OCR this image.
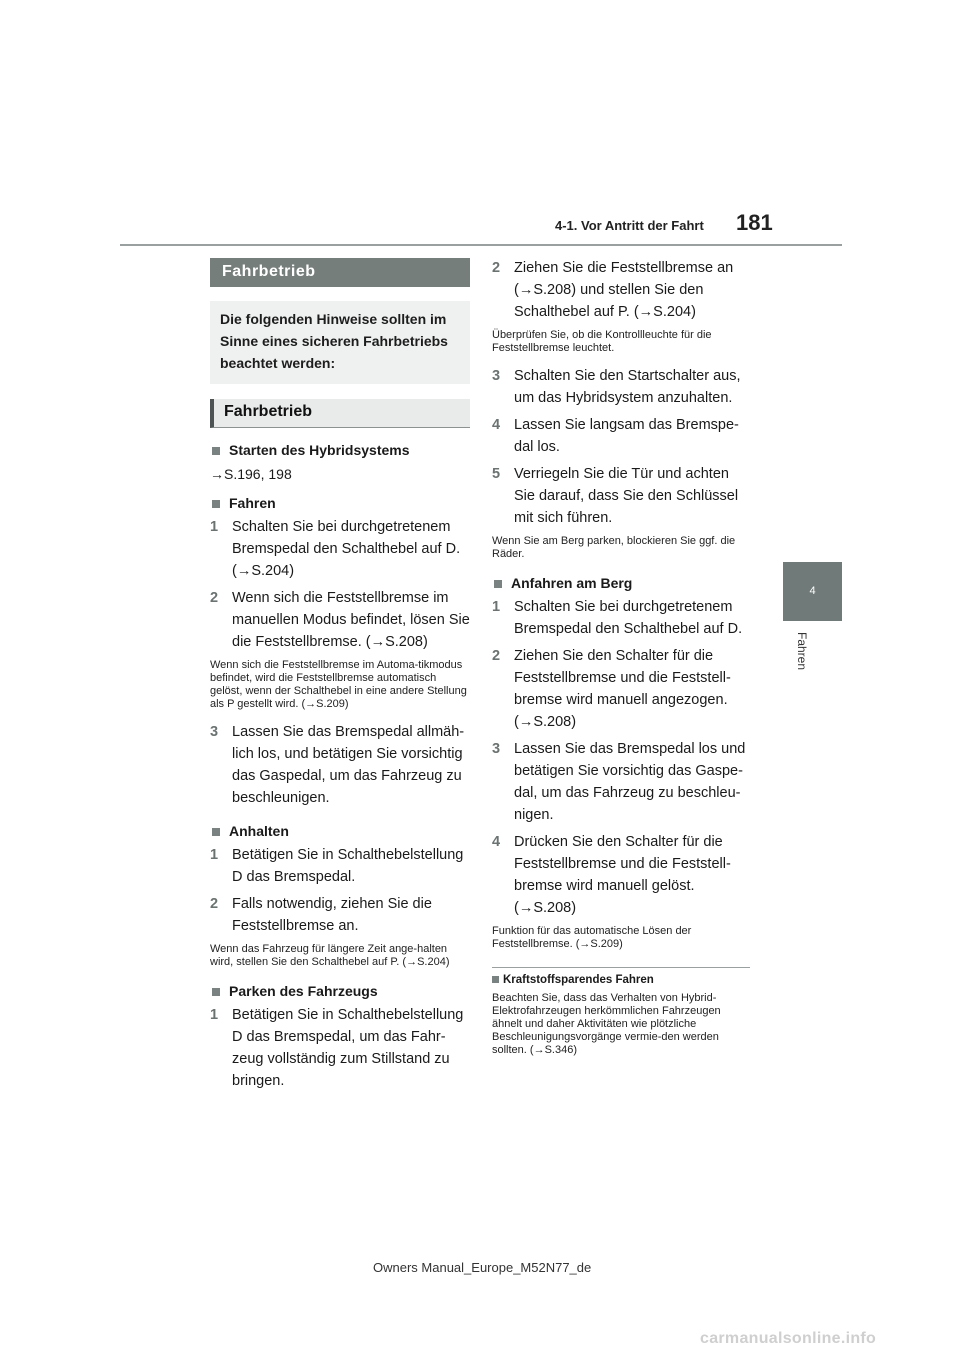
4-1. Vor Antritt der Fahrt 181
4
Fahren
Fahrbetrieb
Die folgenden Hinweise sollten im Sinne eines sicheren Fahrbetriebs beachtet werden:
Fahrbetrieb
Starten des Hybridsystems
→S.196, 198
Fahren
1 Schalten Sie bei durchgetretenem Bremspedal den Schalthebel auf D. (→S.204)
2 Wenn sich die Feststellbremse im manuellen Modus befindet, lösen Sie die Feststellbremse. (→S.208)
Wenn sich die Feststellbremse im Automa-tikmodus befindet, wird die Feststellbremse automatisch gelöst, wenn der Schalthebel in eine andere Stellung als P gestellt wird. (→S.209)
3 Lassen Sie das Bremspedal allmäh-lich los, und betätigen Sie vorsichtig das Gaspedal, um das Fahrzeug zu beschleunigen.
Anhalten
1 Betätigen Sie in Schalthebelstellung D das Bremspedal.
2 Falls notwendig, ziehen Sie die Feststellbremse an.
Wenn das Fahrzeug für längere Zeit ange-halten wird, stellen Sie den Schalthebel auf P. (→S.204)
Parken des Fahrzeugs
1 Betätigen Sie in Schalthebelstellung D das Bremspedal, um das Fahr-zeug vollständig zum Stillstand zu bringen.
2 Ziehen Sie die Feststellbremse an (→S.208) und stellen Sie den Schalthebel auf P. (→S.204)
Überprüfen Sie, ob die Kontrollleuchte für die Feststellbremse leuchtet.
3 Schalten Sie den Startschalter aus, um das Hybridsystem anzuhalten.
4 Lassen Sie langsam das Bremspe-dal los.
5 Verriegeln Sie die Tür und achten Sie darauf, dass Sie den Schlüssel mit sich führen.
Wenn Sie am Berg parken, blockieren Sie ggf. die Räder.
Anfahren am Berg
1 Schalten Sie bei durchgetretenem Bremspedal den Schalthebel auf D.
2 Ziehen Sie den Schalter für die Feststellbremse und die Feststell-bremse wird manuell angezogen. (→S.208)
3 Lassen Sie das Bremspedal los und betätigen Sie vorsichtig das Gaspe-dal, um das Fahrzeug zu beschleu-nigen.
4 Drücken Sie den Schalter für die Feststellbremse und die Feststell-bremse wird manuell gelöst. (→S.208)
Funktion für das automatische Lösen der Feststellbremse. (→S.209)
Kraftstoffsparendes Fahren
Beachten Sie, dass das Verhalten von Hybrid-Elektrofahrzeugen herkömmlichen Fahrzeugen ähnelt und daher Aktivitäten wie plötzliche Beschleunigungsvorgänge vermie-den werden sollten. (→S.346)
Owners Manual_Europe_M52N77_de
carmanualsonline.info
